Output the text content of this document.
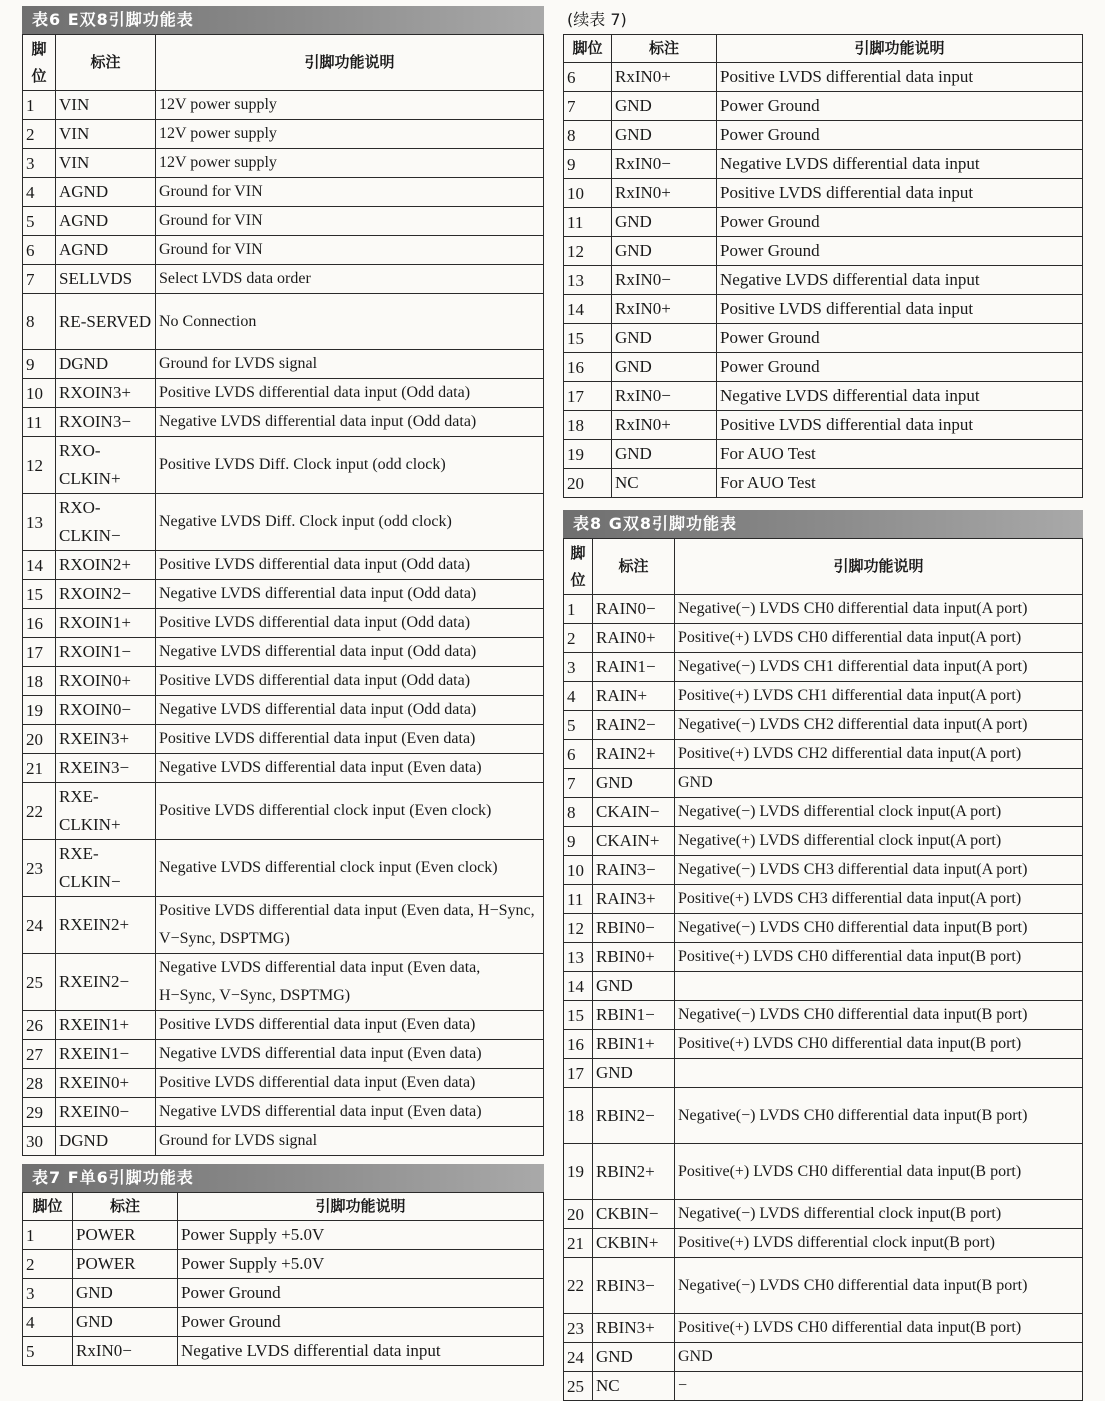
表6 E双8引脚功能表
脚位	标注	引脚功能说明
1	VIN	12V power supply
2	VIN	12V power supply
3	VIN	12V power supply
4	AGND	Ground for VIN
5	AGND	Ground for VIN
6	AGND	Ground for VIN
7	SELLVDS	Select LVDS data order
8	RE-SERVED	No Connection
9	DGND	Ground for LVDS signal
10	RXOIN3+	Positive LVDS differential data input (Odd data)
11	RXOIN3−	Negative LVDS differential data input (Odd data)
12	RXO-CLKIN+	Positive LVDS Diff. Clock input (odd clock)
13	RXO-CLKIN−	Negative LVDS Diff. Clock input (odd clock)
14	RXOIN2+	Positive LVDS differential data input (Odd data)
15	RXOIN2−	Negative LVDS differential data input (Odd data)
16	RXOIN1+	Positive LVDS differential data input (Odd data)
17	RXOIN1−	Negative LVDS differential data input (Odd data)
18	RXOIN0+	Positive LVDS differential data input (Odd data)
19	RXOIN0−	Negative LVDS differential data input (Odd data)
20	RXEIN3+	Positive LVDS differential data input (Even data)
21	RXEIN3−	Negative LVDS differential data input (Even data)
22	RXE-CLKIN+	Positive LVDS differential clock input (Even clock)
23	RXE-CLKIN−	Negative LVDS differential clock input (Even clock)
24	RXEIN2+	Positive LVDS differential data input (Even data, H−Sync, V−Sync, DSPTMG)
25	RXEIN2−	Negative LVDS differential data input (Even data, H−Sync, V−Sync, DSPTMG)
26	RXEIN1+	Positive LVDS differential data input (Even data)
27	RXEIN1−	Negative LVDS differential data input (Even data)
28	RXEIN0+	Positive LVDS differential data input (Even data)
29	RXEIN0−	Negative LVDS differential data input (Even data)
30	DGND	Ground for LVDS signal
表7 F单6引脚功能表
脚位	标注	引脚功能说明
1	POWER	Power Supply +5.0V
2	POWER	Power Supply +5.0V
3	GND	Power Ground
4	GND	Power Ground
5	RxIN0−	Negative LVDS differential data input
(续表 7)
脚位	标注	引脚功能说明
6	RxIN0+	Positive LVDS differential data input
7	GND	Power Ground
8	GND	Power Ground
9	RxIN0−	Negative LVDS differential data input
10	RxIN0+	Positive LVDS differential data input
11	GND	Power Ground
12	GND	Power Ground
13	RxIN0−	Negative LVDS differential data input
14	RxIN0+	Positive LVDS differential data input
15	GND	Power Ground
16	GND	Power Ground
17	RxIN0−	Negative LVDS differential data input
18	RxIN0+	Positive LVDS differential data input
19	GND	For AUO Test
20	NC	For AUO Test
表8 G双8引脚功能表
脚位	标注	引脚功能说明
1	RAIN0−	Negative(−) LVDS CH0 differential data input(A port)
2	RAIN0+	Positive(+) LVDS CH0 differential data input(A port)
3	RAIN1−	Negative(−) LVDS CH1 differential data input(A port)
4	RAIN+	Positive(+) LVDS CH1 differential data input(A port)
5	RAIN2−	Negative(−) LVDS CH2 differential data input(A port)
6	RAIN2+	Positive(+) LVDS CH2 differential data input(A port)
7	GND	GND
8	CKAIN−	Negative(−) LVDS differential clock input(A port)
9	CKAIN+	Negative(+) LVDS differential clock input(A port)
10	RAIN3−	Negative(−) LVDS CH3 differential data input(A port)
11	RAIN3+	Positive(+) LVDS CH3 differential data input(A port)
12	RBIN0−	Negative(−) LVDS CH0 differential data input(B port)
13	RBIN0+	Positive(+) LVDS CH0 differential data input(B port)
14	GND	
15	RBIN1−	Negative(−) LVDS CH0 differential data input(B port)
16	RBIN1+	Positive(+) LVDS CH0 differential data input(B port)
17	GND	
18	RBIN2−	Negative(−) LVDS CH0 differential data input(B port)
19	RBIN2+	Positive(+) LVDS CH0 differential data input(B port)
20	CKBIN−	Negative(−) LVDS differential clock input(B port)
21	CKBIN+	Positive(+) LVDS differential clock input(B port)
22	RBIN3−	Negative(−) LVDS CH0 differential data input(B port)
23	RBIN3+	Positive(+) LVDS CH0 differential data input(B port)
24	GND	GND
25	NC	−
